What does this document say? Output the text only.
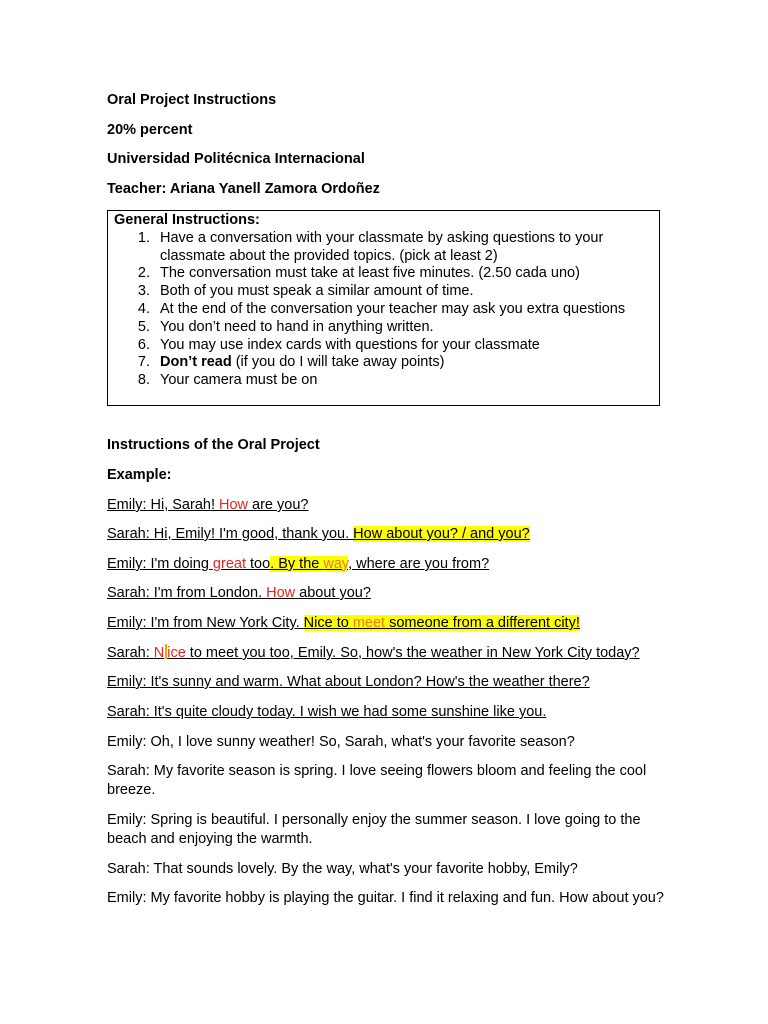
Oral Project Instructions
20% percent
Universidad Politécnica Internacional
Teacher: Ariana Yanell Zamora Ordoñez
General Instructions:
1. Have a conversation with your classmate by asking questions to your classmate about the provided topics. (pick at least 2)
2. The conversation must take at least five minutes. (2.50 cada uno)
3. Both of you must speak a similar amount of time.
4. At the end of the conversation your teacher may ask you extra questions
5. You don’t need to hand in anything written.
6. You may use index cards with questions for your classmate
7. Don’t read (if you do I will take away points)
8. Your camera must be on
Instructions of the Oral Project
Example:
Emily: Hi, Sarah! How are you?
Sarah: Hi, Emily! I'm good, thank you. How about you? / and you?
Emily: I'm doing great too. By the way, where are you from?
Sarah: I'm from London. How about you?
Emily: I'm from New York City. Nice to meet someone from a different city!
Sarah: N ice to meet you too, Emily. So, how's the weather in New York City today?
Emily: It's sunny and warm. What about London? How's the weather there?
Sarah: It's quite cloudy today. I wish we had some sunshine like you.
Emily: Oh, I love sunny weather! So, Sarah, what's your favorite season?
Sarah: My favorite season is spring. I love seeing flowers bloom and feeling the cool breeze.
Emily: Spring is beautiful. I personally enjoy the summer season. I love going to the beach and enjoying the warmth.
Sarah: That sounds lovely. By the way, what's your favorite hobby, Emily?
Emily: My favorite hobby is playing the guitar. I find it relaxing and fun. How about you?
